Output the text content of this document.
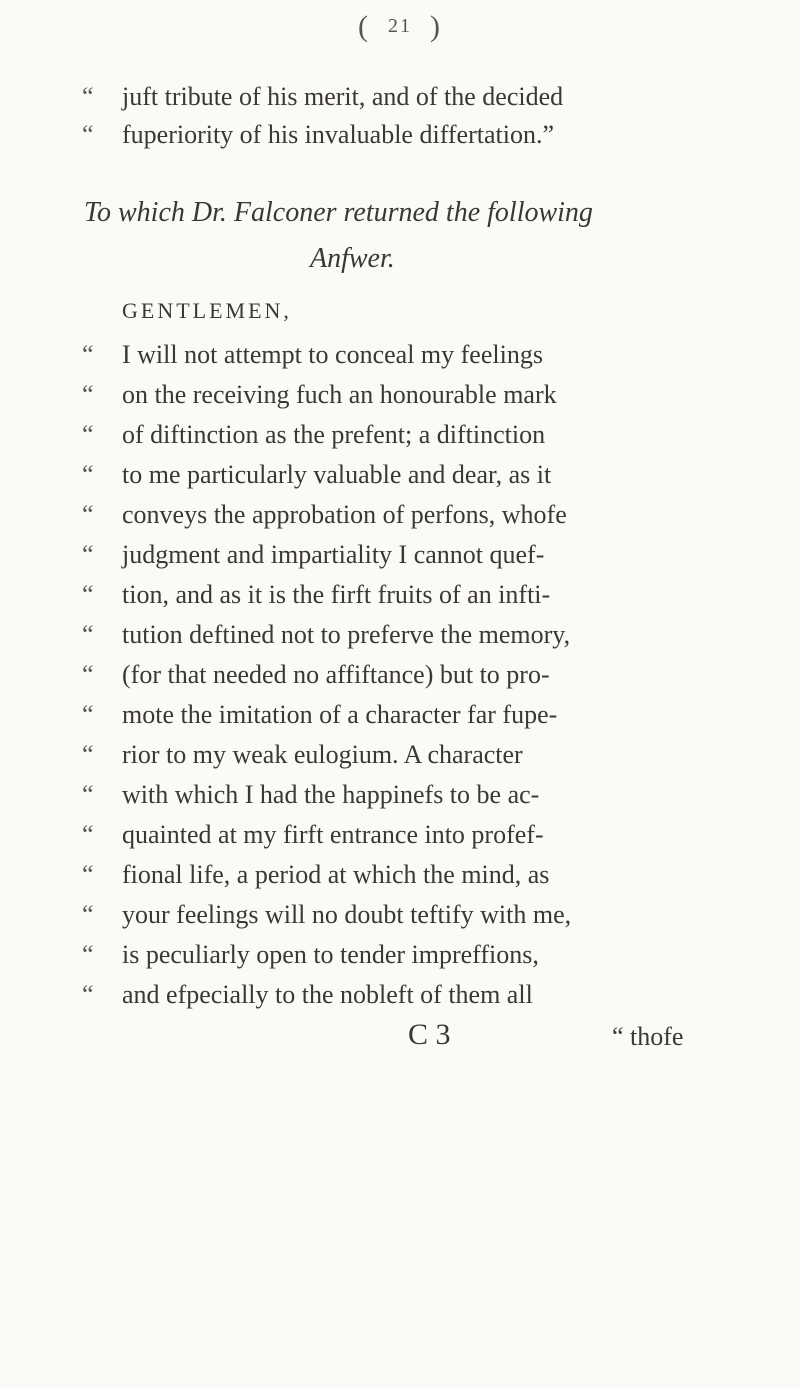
( 21 )
“ juft tribute of his merit, and of the decided
“ fuperiority of his invaluable differtation.”
To which Dr. Falconer returned the following
Anfwer.
GENTLEMEN,
“ I will not attempt to conceal my feelings
“ on the receiving fuch an honourable mark
“ of diftinction as the prefent; a diftinction
“ to me particularly valuable and dear, as it
“ conveys the approbation of perfons, whofe
“ judgment and impartiality I cannot quef-
“ tion, and as it is the firft fruits of an infti-
“ tution deftined not to preferve the memory,
“ (for that needed no affiftance) but to pro-
“ mote the imitation of a character far fupe-
“ rior to my weak eulogium. A character
“ with which I had the happinefs to be ac-
“ quainted at my firft entrance into profef-
“ fional life, a period at which the mind, as
“ your feelings will no doubt teftify with me,
“ is peculiarly open to tender impreffions,
“ and efpecially to the nobleft of them all
C 3	“ thofe
